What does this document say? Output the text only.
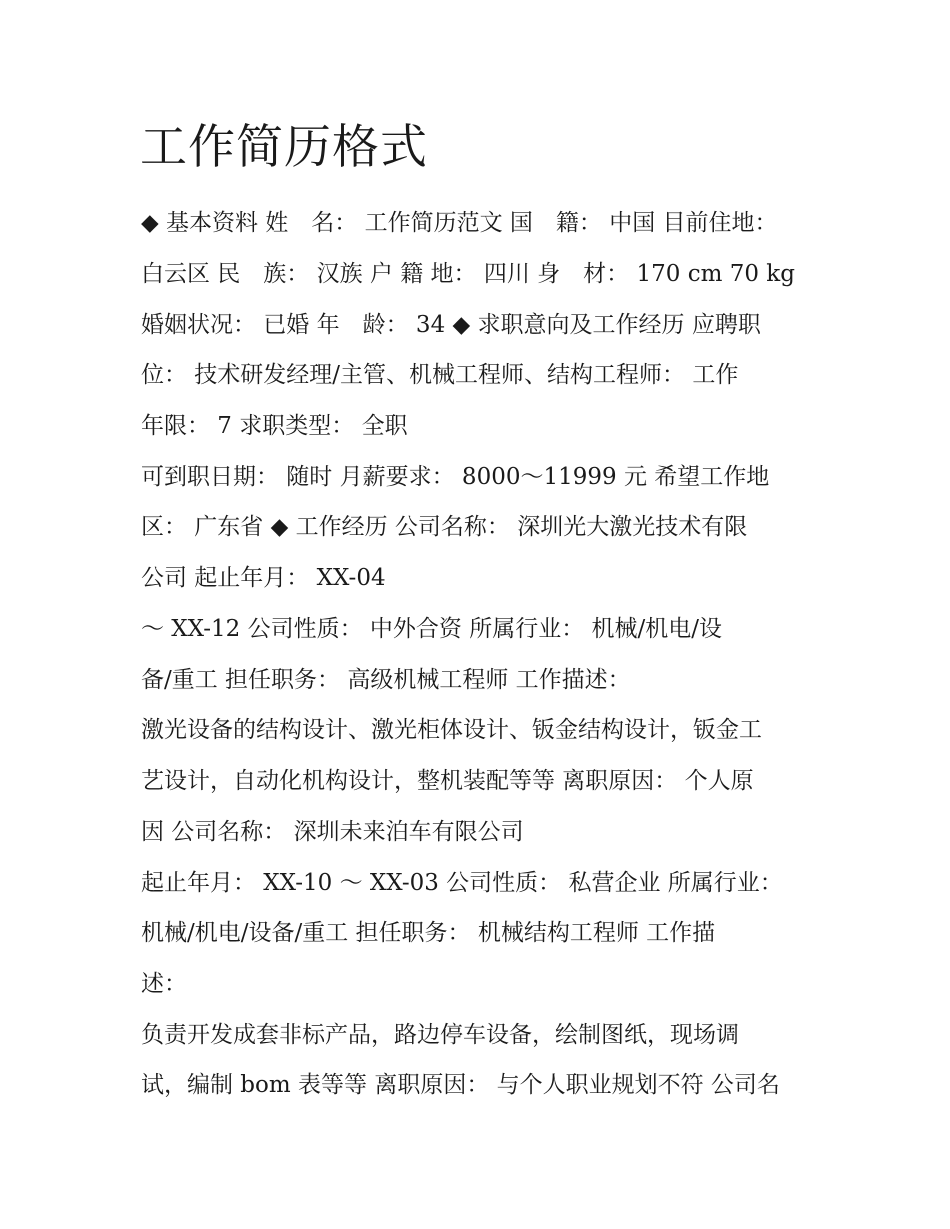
工作简历格式

◆ 基本资料 姓　名： 工作简历范文 国　籍： 中国 目前住地：

白云区 民　族： 汉族 户 籍 地： 四川 身　材： 170 cm 70 kg

婚姻状况： 已婚 年　龄： 34 ◆ 求职意向及工作经历 应聘职

位： 技术研发经理/主管、机械工程师、结构工程师： 工作

年限： 7 求职类型： 全职

可到职日期： 随时 月薪要求： 8000～11999 元 希望工作地

区： 广东省 ◆ 工作经历 公司名称： 深圳光大激光技术有限

公司 起止年月： XX-04

～ XX-12 公司性质： 中外合资 所属行业： 机械/机电/设

备/重工 担任职务： 高级机械工程师 工作描述：

激光设备的结构设计、激光柜体设计、钣金结构设计，钣金工

艺设计，自动化机构设计，整机装配等等 离职原因： 个人原

因 公司名称： 深圳未来泊车有限公司

起止年月： XX-10 ～ XX-03 公司性质： 私营企业 所属行业：

机械/机电/设备/重工 担任职务： 机械结构工程师 工作描

述：

负责开发成套非标产品，路边停车设备，绘制图纸，现场调

试，编制 bom 表等等 离职原因： 与个人职业规划不符 公司名
